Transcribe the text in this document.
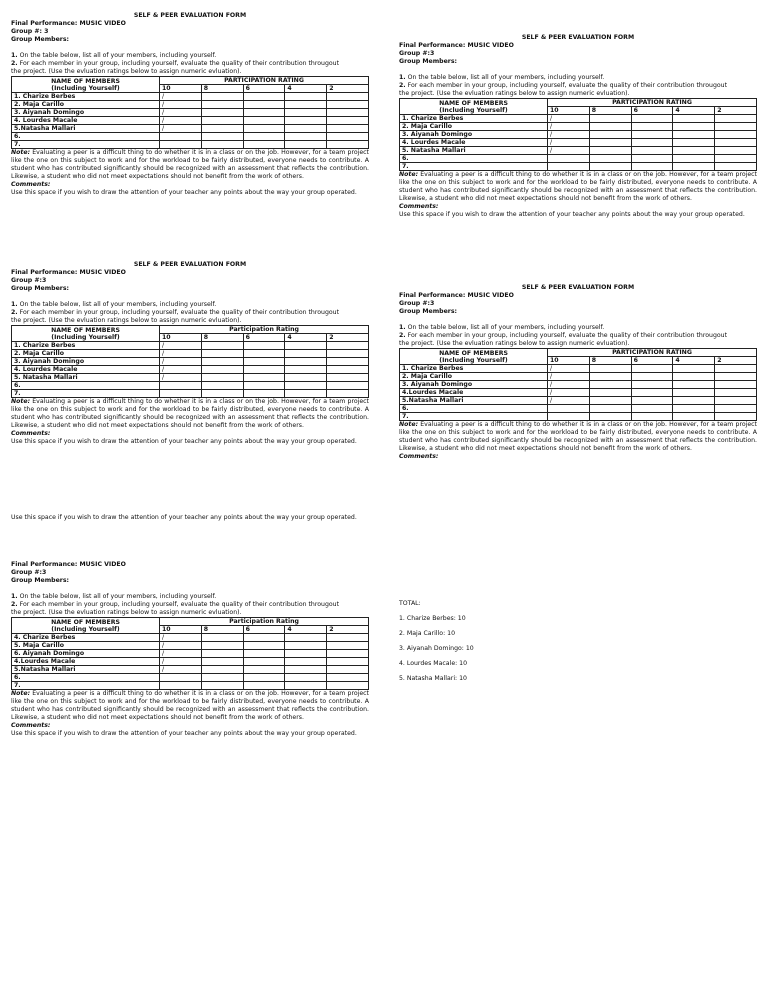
SELF & PEER EVALUATION FORM
Final Performance: MUSIC VIDEO
Group #: 3
Group Members:
1. On the table below, list all of your members, including yourself.
2. For each member in your group, including yourself, evaluate the quality of their contribution througout
the project. (Use the evluation ratings below to assign numeric evluation).
NAME OF MEMBERS
(Including Yourself)	PARTICIPATION RATING				
	10	8	6	4	2
1. Charize Berbes	/				
2. Maja Carillo	/				
3. Aiyanah Domingo	/				
4. Lourdes Macale	/				
5.Natasha Mallari	/				
6.					
7.					
Note: Evaluating a peer is a difficult thing to do whether it is in a class or on the job. However, for a team project like the one on this subject to work and for the workload to be fairly distributed, everyone needs to contribute. A student who has contributed significantly should be recognized with an assessment that reflects the contribution. Likewise, a student who did not meet expectations should not benefit from the work of others.
Comments:
Use this space if you wish to draw the attention of your teacher any points about the way your group operated.
SELF & PEER EVALUATION FORM
Final Performance: MUSIC VIDEO
Group #:3
Group Members:
1. On the table below, list all of your members, including yourself.
2. For each member in your group, including yourself, evaluate the quality of their contribution througout
the project. (Use the evluation ratings below to assign numeric evluation).
NAME OF MEMBERS
(Including Yourself)	Participation Rating				
	10	8	6	4	2
1. Charize Berbes	/				
2. Maja Carillo	/				
3. Aiyanah Domingo	/				
4. Lourdes Macale	/				
5. Natasha Mallari	/				
6.					
7.					
Note: Evaluating a peer is a difficult thing to do whether it is in a class or on the job. However, for a team project like the one on this subject to work and for the workload to be fairly distributed, everyone needs to contribute. A student who has contributed significantly should be recognized with an assessment that reflects the contribution. Likewise, a student who did not meet expectations should not benefit from the work of others.
Comments:
Use this space if you wish to draw the attention of your teacher any points about the way your group operated.
Use this space if you wish to draw the attention of your teacher any points about the way your group operated.
Final Performance: MUSIC VIDEO
Group #:3
Group Members:
1. On the table below, list all of your members, including yourself.
2. For each member in your group, including yourself, evaluate the quality of their contribution througout
the project. (Use the evluation ratings below to assign numeric evluation).
NAME OF MEMBERS
(Including Yourself)	Participation Rating				
	10	8	6	4	2
4. Charize Berbes	/				
5. Maja Carillo	/				
6. Aiyanah Domingo	/				
4.Lourdes Macale	/				
5.Natasha Mallari	/				
6.					
7.					
Note: Evaluating a peer is a difficult thing to do whether it is in a class or on the job. However, for a team project like the one on this subject to work and for the workload to be fairly distributed, everyone needs to contribute. A student who has contributed significantly should be recognized with an assessment that reflects the contribution. Likewise, a student who did not meet expectations should not benefit from the work of others.
Comments:
Use this space if you wish to draw the attention of your teacher any points about the way your group operated.
SELF & PEER EVALUATION FORM
Final Performance: MUSIC VIDEO
Group #:3
Group Members:
1. On the table below, list all of your members, including yourself.
2. For each member in your group, including yourself, evaluate the quality of their contribution througout
the project. (Use the evluation ratings below to assign numeric evluation).
NAME OF MEMBERS
(Including Yourself)	PARTICIPATION RATING				
	10	8	6	4	2
1. Charize Berbes	/				
2. Maja Carillo	/				
3. Aiyanah Domingo	/				
4. Lourdes Macale	/				
5. Natasha Mallari	/				
6.					
7.					
Note: Evaluating a peer is a difficult thing to do whether it is in a class or on the job. However, for a team project like the one on this subject to work and for the workload to be fairly distributed, everyone needs to contribute. A student who has contributed significantly should be recognized with an assessment that reflects the contribution. Likewise, a student who did not meet expectations should not benefit from the work of others.
Comments:
Use this space if you wish to draw the attention of your teacher any points about the way your group operated.
SELF & PEER EVALUATION FORM
Final Performance: MUSIC VIDEO
Group #:3
Group Members:
1. On the table below, list all of your members, including yourself.
2. For each member in your group, including yourself, evaluate the quality of their contribution througout
the project. (Use the evluation ratings below to assign numeric evluation).
NAME OF MEMBERS
(Including Yourself)	PARTICIPATION RATING				
	10	8	6	4	2
1. Charize Berbes	/				
2. Maja Carillo	/				
3. Aiyanah Domingo	/				
4.Lourdes Macale	/				
5.Natasha Mallari	/				
6.					
7.					
Note: Evaluating a peer is a difficult thing to do whether it is in a class or on the job. However, for a team project like the one on this subject to work and for the workload to be fairly distributed, everyone needs to contribute. A student who has contributed significantly should be recognized with an assessment that reflects the contribution. Likewise, a student who did not meet expectations should not benefit from the work of others.
Comments:
TOTAL:
1. Charize Berbes: 10
2. Maja Carillo: 10
3. Aiyanah Domingo: 10
4. Lourdes Macale: 10
5. Natasha Mallari: 10
